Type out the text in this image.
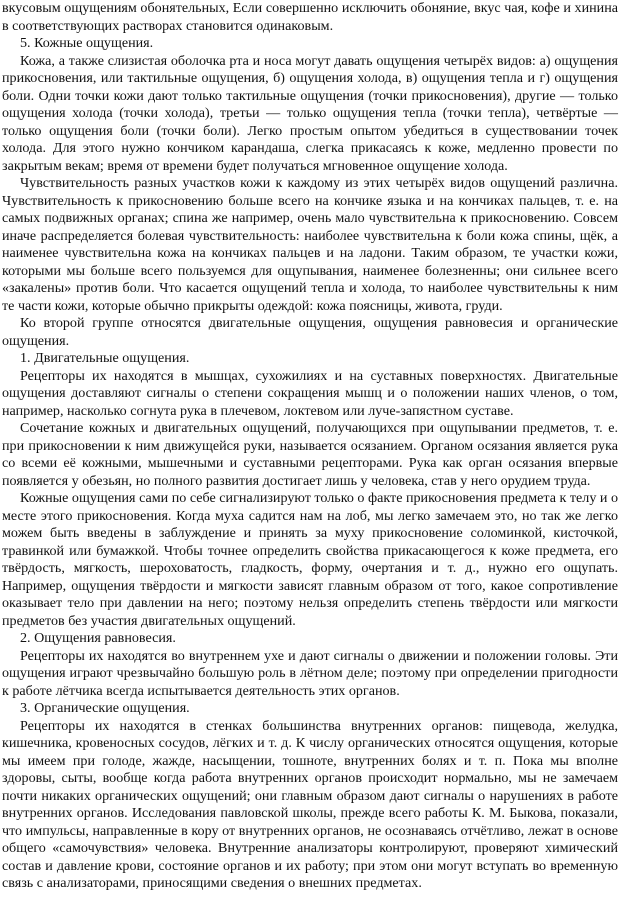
вкусовым ощущениям обонятельных, Если совершенно исключить обоняние, вкус чая, кофе и хинина в соответствующих растворах становится одинаковым.

5. Кожные ощущения.

Кожа, а также слизистая оболочка рта и носа могут давать ощущения четырёх видов: а) ощущения прикосновения, или тактильные ощущения, б) ощущения холода, в) ощущения тепла и г) ощущения боли. Одни точки кожи дают только тактильные ощущения (точки прикосновения), другие — только ощущения холода (точки холода), третьи — только ощущения тепла (точки тепла), четвёртые — только ощущения боли (точки боли). Легко простым опытом убедиться в существовании точек холода. Для этого нужно кончиком карандаша, слегка прикасаясь к коже, медленно провести по закрытым векам; время от времени будет получаться мгновенное ощущение холода.

Чувствительность разных участков кожи к каждому из этих четырёх видов ощущений различна. Чувствительность к прикосновению больше всего на кончике языка и на кончиках пальцев, т. е. на самых подвижных органах; спина же например, очень мало чувствительна к прикосновению. Совсем иначе распределяется болевая чувствительность: наиболее чувствительна к боли кожа спины, щёк, а наименее чувствительна кожа на кончиках пальцев и на ладони. Таким образом, те участки кожи, которыми мы больше всего пользуемся для ощупывания, наименее болезненны; они сильнее всего «закалены» против боли. Что касается ощущений тепла и холода, то наиболее чувствительны к ним те части кожи, которые обычно прикрыты одеждой: кожа поясницы, живота, груди.

Ко второй группе относятся двигательные ощущения, ощущения равновесия и органические ощущения.

1. Двигательные ощущения.

Рецепторы их находятся в мышцах, сухожилиях и на суставных поверхностях. Двигательные ощущения доставляют сигналы о степени сокращения мышц и о положении наших членов, о том, например, насколько согнута рука в плечевом, локтевом или луче-запястном суставе.

Сочетание кожных и двигательных ощущений, получающихся при ощупывании предметов, т. е. при прикосновении к ним движущейся руки, называется осязанием. Органом осязания является рука со всеми её кожными, мышечными и суставными рецепторами. Рука как орган осязания впервые появляется у обезьян, но полного развития достигает лишь у человека, став у него орудием труда.

Кожные ощущения сами по себе сигнализируют только о факте прикосновения предмета к телу и о месте этого прикосновения. Когда муха садится нам на лоб, мы легко замечаем это, но так же легко можем быть введены в заблуждение и принять за муху прикосновение соломинкой, кисточкой, травинкой или бумажкой. Чтобы точнее определить свойства прикасающегося к коже предмета, его твёрдость, мягкость, шероховатость, гладкость, форму, очертания и т. д., нужно его ощупать. Например, ощущения твёрдости и мягкости зависят главным образом от того, какое сопротивление оказывает тело при давлении на него; поэтому нельзя определить степень твёрдости или мягкости предметов без участия двигательных ощущений.

2. Ощущения равновесия.

Рецепторы их находятся во внутреннем ухе и дают сигналы о движении и положении головы. Эти ощущения играют чрезвычайно большую роль в лётном деле; поэтому при определении пригодности к работе лётчика всегда испытывается деятельность этих органов.

3. Органические ощущения.

Рецепторы их находятся в стенках большинства внутренних органов: пищевода, желудка, кишечника, кровеносных сосудов, лёгких и т. д. К числу органических относятся ощущения, которые мы имеем при голоде, жажде, насыщении, тошноте, внутренних болях и т. п. Пока мы вполне здоровы, сыты, вообще когда работа внутренних органов происходит нормально, мы не замечаем почти никаких органических ощущений; они главным образом дают сигналы о нарушениях в работе внутренних органов. Исследования павловской школы, прежде всего работы К. М. Быкова, показали, что импульсы, направленные в кору от внутренних органов, не осознаваясь отчётливо, лежат в основе общего «самочувствия» человека. Внутренние анализаторы контролируют, проверяют химический состав и давление крови, состояние органов и их работу; при этом они могут вступать во временную связь с анализаторами, приносящими сведения о внешних предметах.
